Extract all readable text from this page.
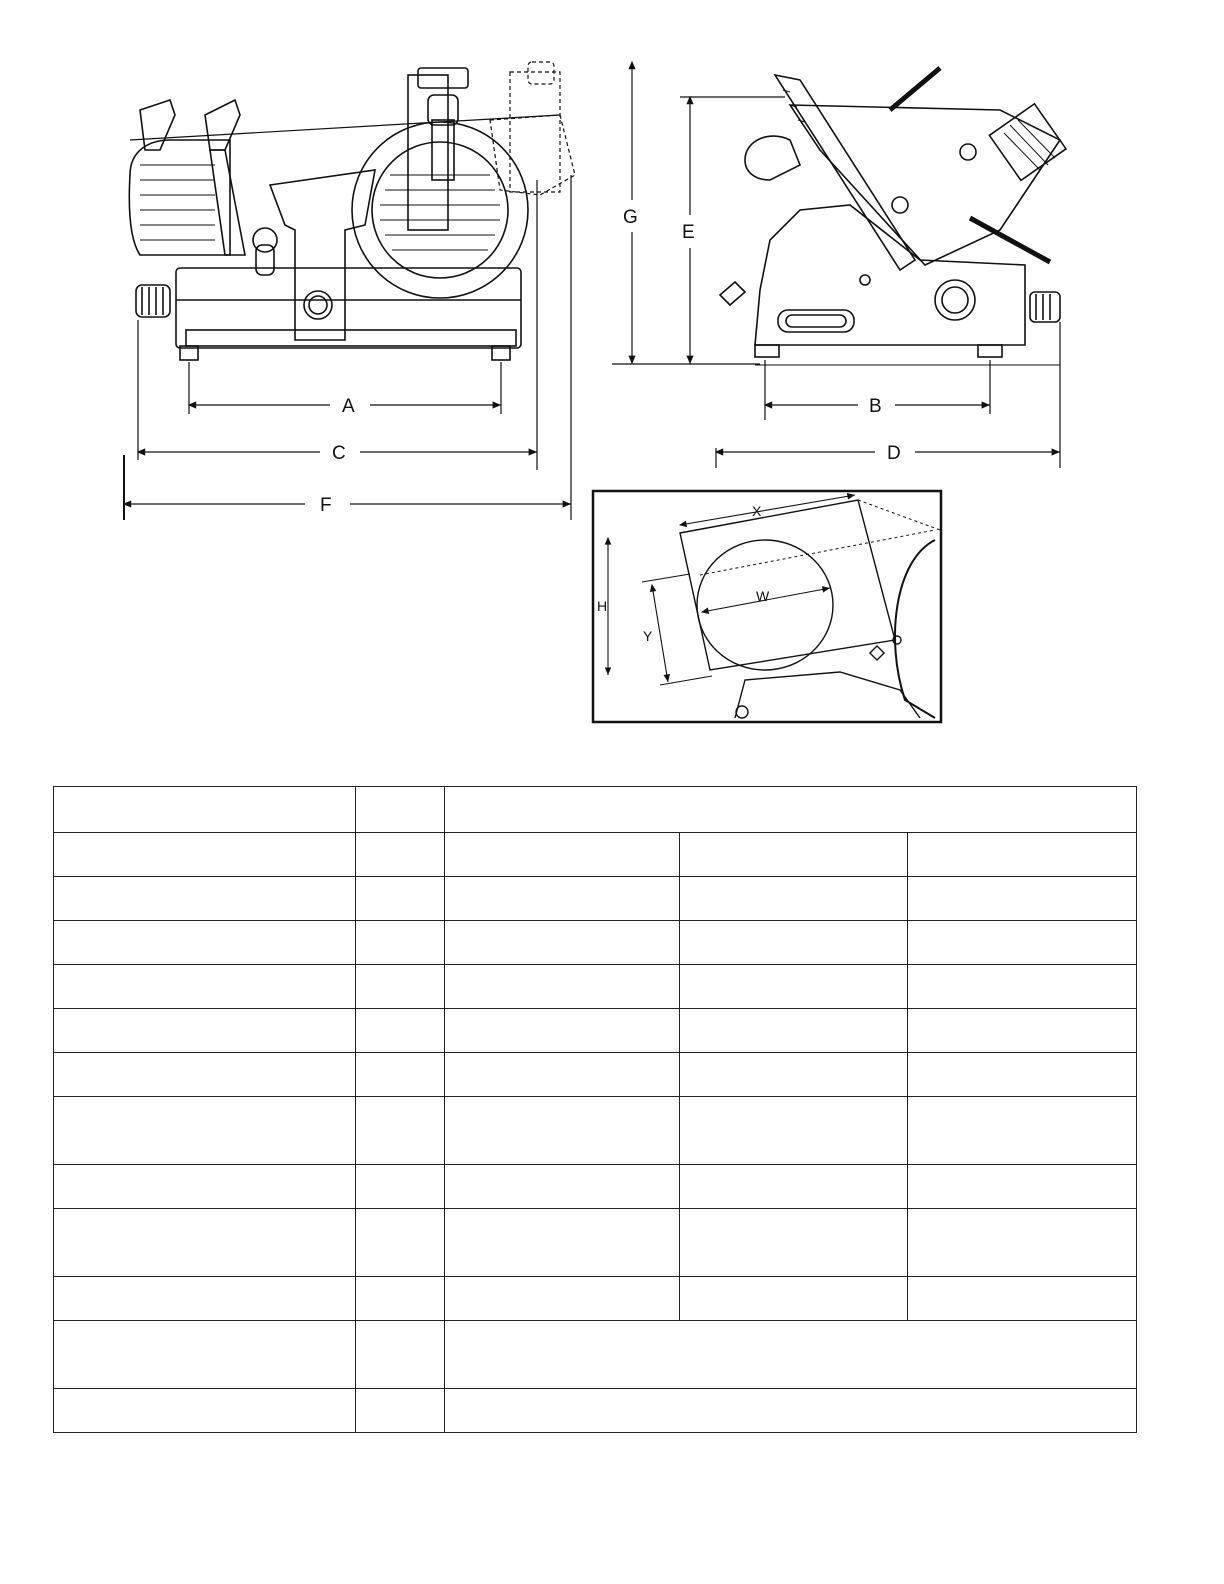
A
C
F
G
E
B
D
X
W
H
Y
